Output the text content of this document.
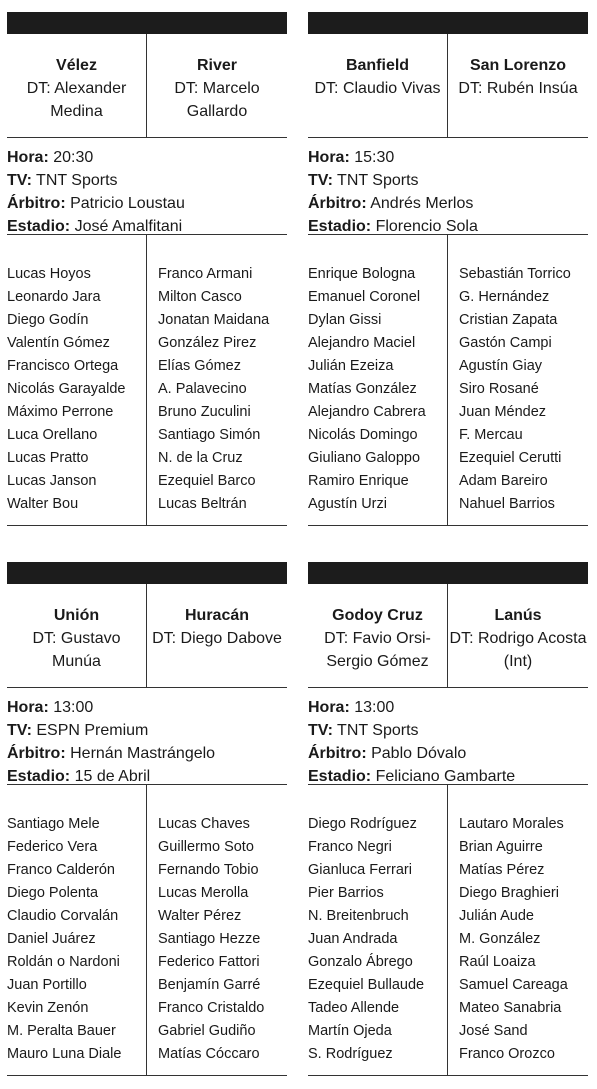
Vélez
DT: Alexander Medina
River
DT: Marcelo Gallardo
Hora: 20:30
TV: TNT Sports
Árbitro: Patricio Loustau
Estadio: José Amalfitani
Lucas Hoyos
Leonardo Jara
Diego Godín
Valentín Gómez
Francisco Ortega
Nicolás Garayalde
Máximo Perrone
Luca Orellano
Lucas Pratto
Lucas Janson
Walter Bou
Franco Armani
Milton Casco
Jonatan Maidana
González Pirez
Elías Gómez
A. Palavecino
Bruno Zuculini
Santiago Simón
N. de la Cruz
Ezequiel Barco
Lucas Beltrán
Banfield
DT: Claudio Vivas
San Lorenzo
DT: Rubén Insúa
Hora: 15:30
TV: TNT Sports
Árbitro: Andrés Merlos
Estadio: Florencio Sola
Enrique Bologna
Emanuel Coronel
Dylan Gissi
Alejandro Maciel
Julián Ezeiza
Matías González
Alejandro Cabrera
Nicolás Domingo
Giuliano Galoppo
Ramiro Enrique
Agustín Urzi
Sebastián Torrico
G. Hernández
Cristian Zapata
Gastón Campi
Agustín Giay
Siro Rosané
Juan Méndez
F. Mercau
Ezequiel Cerutti
Adam Bareiro
Nahuel Barrios
Unión
DT: Gustavo Munúa
Huracán
DT: Diego Dabove
Hora: 13:00
TV: ESPN Premium
Árbitro: Hernán Mastrángelo
Estadio: 15 de Abril
Santiago Mele
Federico Vera
Franco Calderón
Diego Polenta
Claudio Corvalán
Daniel Juárez
Roldán o Nardoni
Juan Portillo
Kevin Zenón
M. Peralta Bauer
Mauro Luna Diale
Lucas Chaves
Guillermo Soto
Fernando Tobio
Lucas Merolla
Walter Pérez
Santiago Hezze
Federico Fattori
Benjamín Garré
Franco Cristaldo
Gabriel Gudiño
Matías Cóccaro
Godoy Cruz
DT: Favio Orsi-Sergio Gómez
Lanús
DT: Rodrigo Acosta (Int)
Hora: 13:00
TV: TNT Sports
Árbitro: Pablo Dóvalo
Estadio: Feliciano Gambarte
Diego Rodríguez
Franco Negri
Gianluca Ferrari
Pier Barrios
N. Breitenbruch
Juan Andrada
Gonzalo Ábrego
Ezequiel Bullaude
Tadeo Allende
Martín Ojeda
S. Rodríguez
Lautaro Morales
Brian Aguirre
Matías Pérez
Diego Braghieri
Julián Aude
M. González
Raúl Loaiza
Samuel Careaga
Mateo Sanabria
José Sand
Franco Orozco
